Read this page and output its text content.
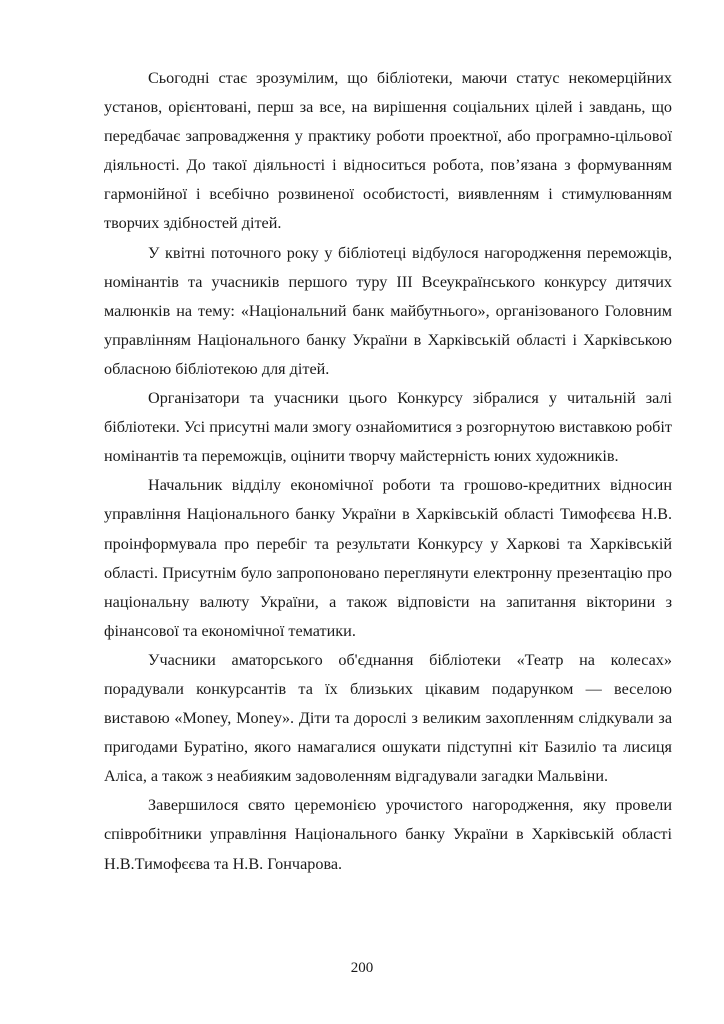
Сьогодні стає зрозумілим, що бібліотеки, маючи статус некомерційних установ, орієнтовані, перш за все, на вирішення соціальних цілей і завдань, що передбачає запровадження у практику роботи проектної, або програмно-цільової діяльності. До такої діяльності і відноситься робота, пов’язана з формуванням гармонійної і всебічно розвиненої особистості, виявленням і стимулюванням творчих здібностей дітей.

У квітні поточного року у бібліотеці відбулося нагородження переможців, номінантів та учасників першого туру ІІІ Всеукраїнського конкурсу дитячих малюнків на тему: «Національний банк майбутнього», організованого Головним управлінням Національного банку України в Харківській області і Харківською обласною бібліотекою для дітей.

Організатори та учасники цього Конкурсу зібралися у читальній залі бібліотеки. Усі присутні мали змогу ознайомитися з розгорнутою виставкою робіт номінантів та переможців, оцінити творчу майстерність юних художників.

Начальник відділу економічної роботи та грошово-кредитних відносин управління Національного банку України в Харківській області Тимофєєва Н.В. проінформувала про перебіг та результати Конкурсу у Харкові та Харківській області. Присутнім було запропоновано переглянути електронну презентацію про національну валюту України, а також відповісти на запитання вікторини з фінансової та економічної тематики.

Учасники аматорського об'єднання бібліотеки «Театр на колесах» порадували конкурсантів та їх близьких цікавим подарунком — веселою виставою «Money, Money». Діти та дорослі з великим захопленням слідкували за пригодами Буратіно, якого намагалися ошукати підступні кіт Базиліо та лисиця Аліса, а також з неабияким задоволенням відгадували загадки Мальвіни.

Завершилося свято церемонією урочистого нагородження, яку провели співробітники управління Національного банку України в Харківській області Н.В.Тимофєєва та Н.В. Гончарова.

200
